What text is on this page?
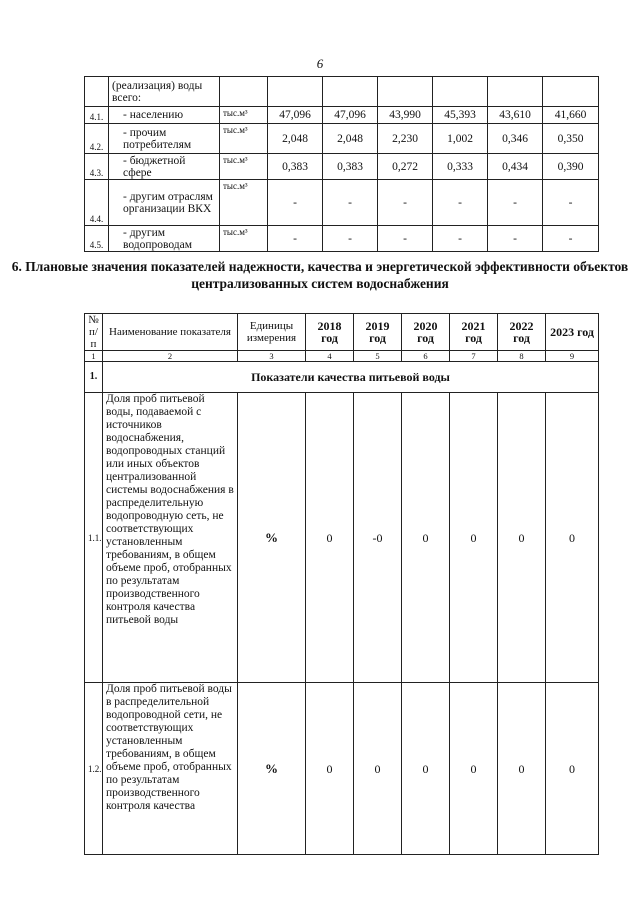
6
	(реализация) воды всего:							
4.1.	- населению	тыс.м³	47,096	47,096	43,990	45,393	43,610	41,660
4.2.	- прочим потребителям	тыс.м³	2,048	2,048	2,230	1,002	0,346	0,350
4.3.	- бюджетной сфере	тыс.м³	0,383	0,383	0,272	0,333	0,434	0,390
4.4.	- другим отраслям организации ВКХ	тыс.м³	-	-	-	-	-	-
4.5.	- другим водопроводам	тыс.м³	-	-	-	-	-	-
6. Плановые значения показателей надежности, качества и энергетической эффективности объектов централизованных систем водоснабжения
№ п/п	Наименование показателя	Единицы измерения	2018 год	2019 год	2020 год	2021 год	2022 год	2023 год
1	2	3	4	5	6	7	8	9
1.	Показатели качества питьевой воды							
1.1.	Доля проб питьевой воды, подаваемой с источников водоснабжения, водопроводных станций или иных объектов централизованной системы водоснабжения в распределительную водопроводную сеть, не соответствующих установленным требованиям, в общем объеме проб, отобранных по результатам производственного контроля качества питьевой воды	%	0	-0	0	0	0	0
1.2.	Доля проб питьевой воды в распределительной водопроводной сети, не соответствующих установленным требованиям, в общем объеме проб, отобранных по результатам производственного контроля качества	%	0	0	0	0	0	0
